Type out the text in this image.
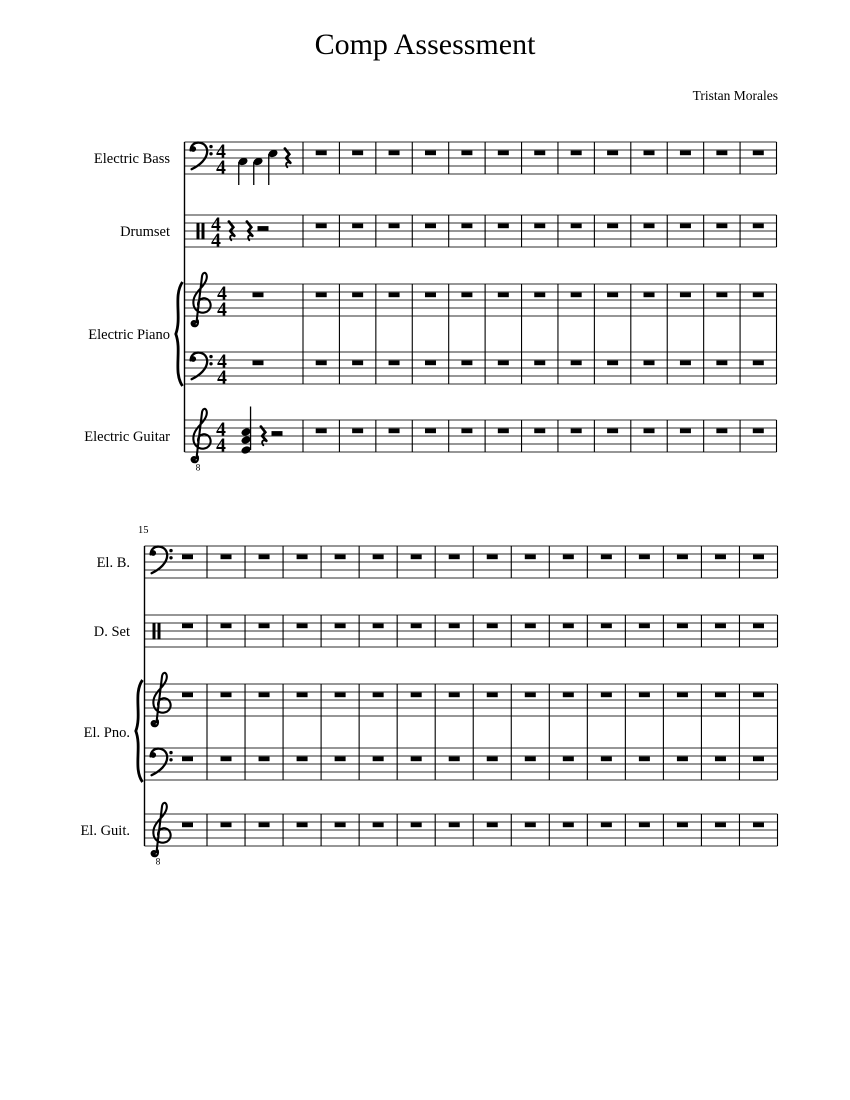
Comp Assessment
Tristan Morales
Electric Bass
Drumset
Electric Piano
Electric Guitar
4
4
4
4
4
4
4
4
8
4
4
El. B.
D. Set
El. Pno.
El. Guit.
15
8
